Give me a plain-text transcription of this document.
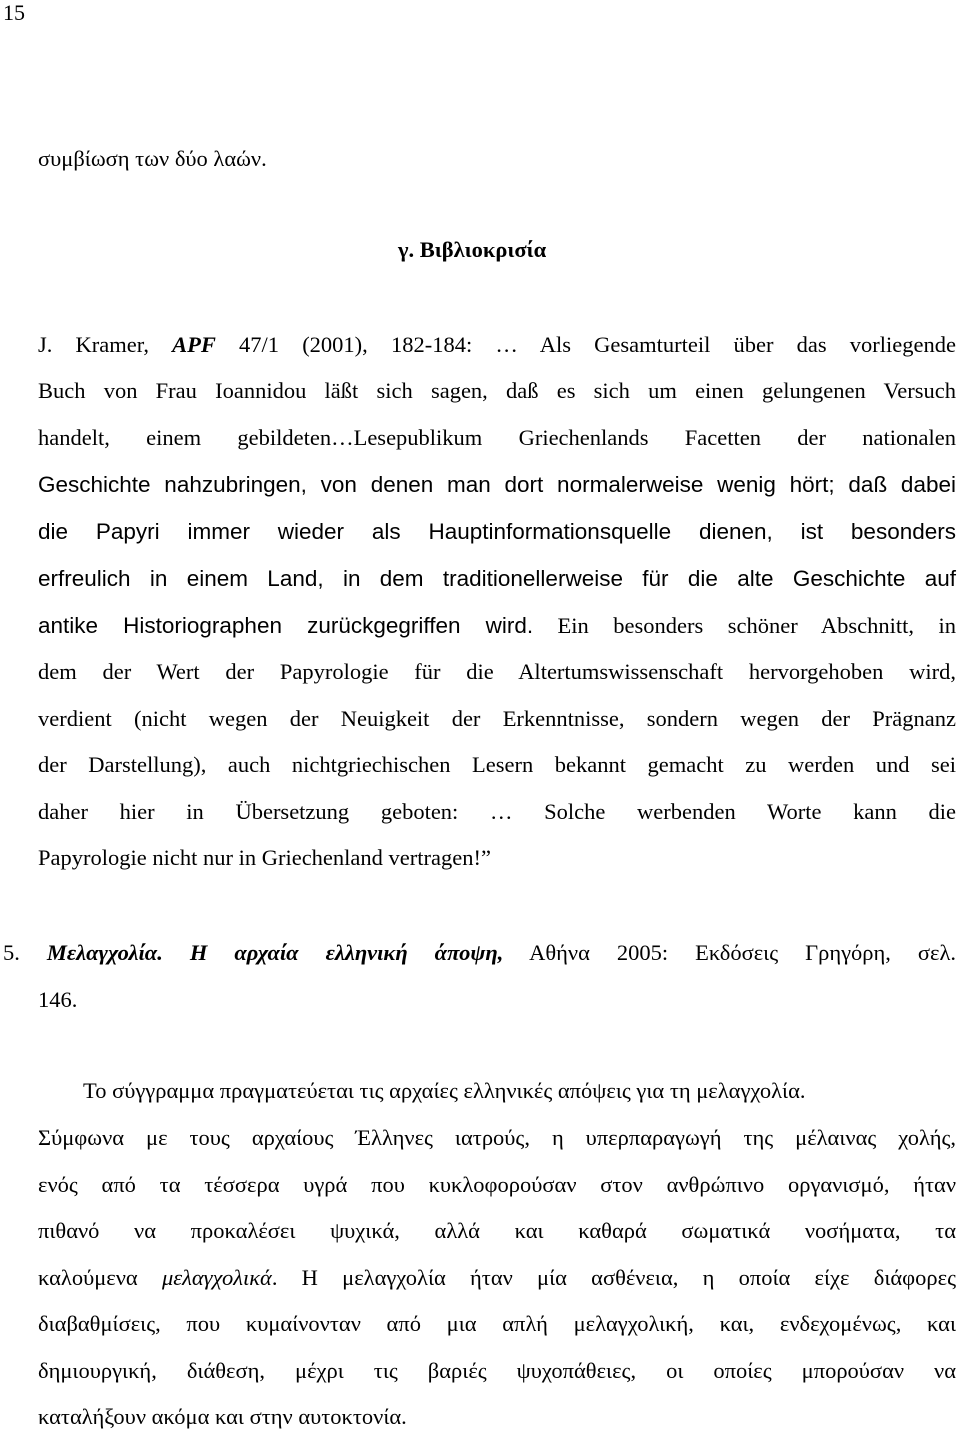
15
συμβίωση των δύο λαών.
γ. Βιβλιοκρισία
J. Kramer, APF 47/1 (2001), 182-184: … Als Gesamturteil über das vorliegende
Buch von Frau Ioannidou läßt sich sagen, daß es sich um einen gelungenen Versuch
handelt, einem gebildeten…Lesepublikum Griechenlands Facetten der nationalen
Geschichte nahzubringen, von denen man dort normalerweise wenig hört; daß dabei
die Papyri immer wieder als Hauptinformationsquelle dienen, ist besonders
erfreulich in einem Land, in dem traditionellerweise für die alte Geschichte auf
antike Historiographen zurückgegriffen wird. Ein besonders schöner Abschnitt, in
dem der Wert der Papyrologie für die Altertumswissenschaft hervorgehoben wird,
verdient (nicht wegen der Neuigkeit der Erkenntnisse, sondern wegen der Prägnanz
der Darstellung), auch nichtgriechischen Lesern bekannt gemacht zu werden und sei
daher hier in Übersetzung geboten: … Solche werbenden Worte kann die
Papyrologie nicht nur in Griechenland vertragen!”
5. Μελαγχολία. Η αρχαία ελληνική άποψη, Αθήνα 2005: Εκδόσεις Γρηγόρη, σελ.
146.
Το σύγγραμμα πραγματεύεται τις αρχαίες ελληνικές απόψεις για τη μελαγχολία.
Σύμφωνα με τους αρχαίους Έλληνες ιατρούς, η υπερπαραγωγή της μέλαινας χολής,
ενός από τα τέσσερα υγρά που κυκλοφορούσαν στον ανθρώπινο οργανισμό, ήταν
πιθανό να προκαλέσει ψυχικά, αλλά και καθαρά σωματικά νοσήματα, τα
καλούμενα μελαγχολικά. Η μελαγχολία ήταν μία ασθένεια, η οποία είχε διάφορες
διαβαθμίσεις, που κυμαίνονταν από μια απλή μελαγχολική, και, ενδεχομένως, και
δημιουργική, διάθεση, μέχρι τις βαριές ψυχοπάθειες, οι οποίες μπορούσαν να
καταλήξουν ακόμα και στην αυτοκτονία.
